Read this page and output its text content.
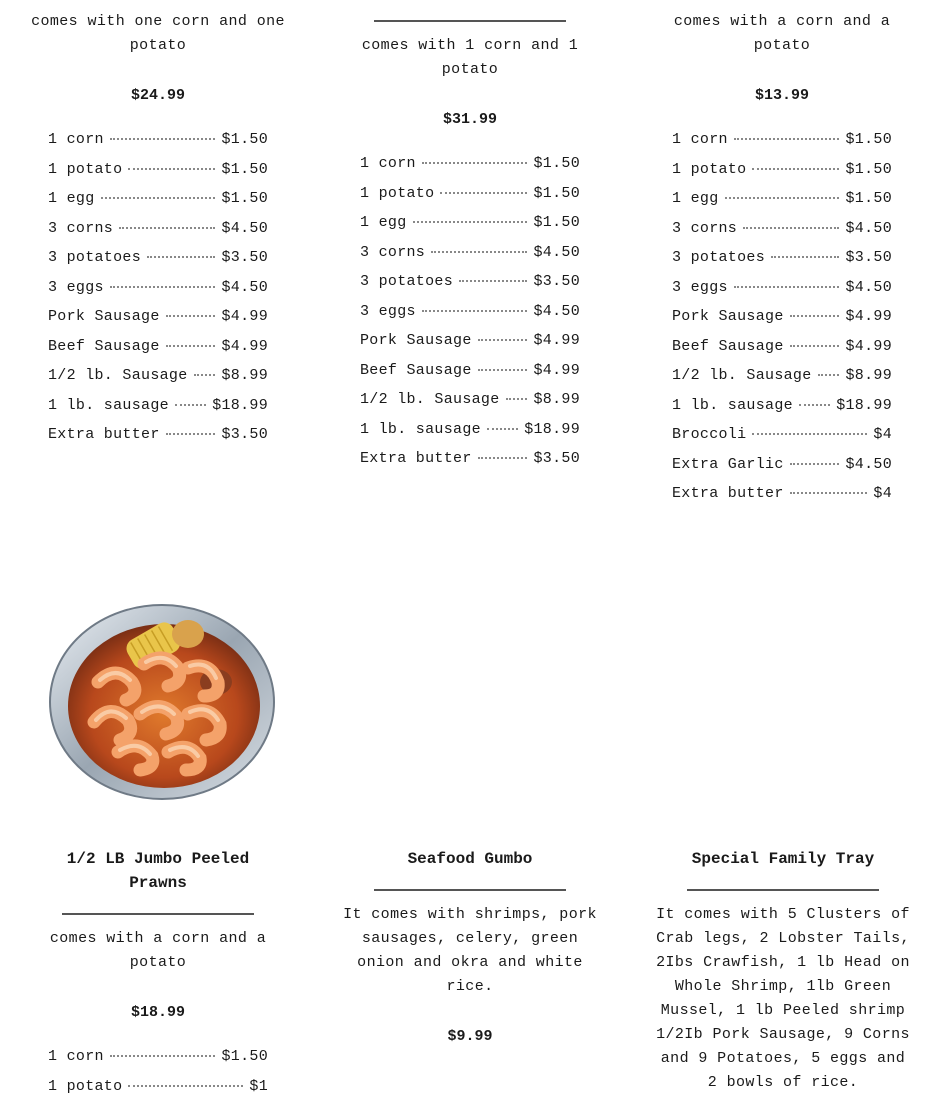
comes with one corn and one potato
$24.99
1 corn	$1.50
1 potato	$1.50
1 egg	$1.50
3 corns	$4.50
3 potatoes	$3.50
3 eggs	$4.50
Pork Sausage	$4.99
Beef Sausage	$4.99
1/2 lb. Sausage $8.99
1 lb. sausage	$18.99
Extra butter	$3.50
comes with 1 corn and 1 potato
$31.99
1 corn	$1.50
1 potato	$1.50
1 egg	$1.50
3 corns	$4.50
3 potatoes	$3.50
3 eggs	$4.50
Pork Sausage	$4.99
Beef Sausage	$4.99
1/2 lb. Sausage $8.99
1 lb. sausage	$18.99
Extra butter	$3.50
comes with a corn and a potato
$13.99
1 corn	$1.50
1 potato	$1.50
1 egg	$1.50
3 corns	$4.50
3 potatoes	$3.50
3 eggs	$4.50
Pork Sausage	$4.99
Beef Sausage	$4.99
1/2 lb. Sausage $8.99
1 lb. sausage	$18.99
Broccoli	$4
Extra Garlic	$4.50
Extra butter	$4
1/2 LB Jumbo Peeled Prawns
comes with a corn and a potato
$18.99
1 corn	$1.50
1 potato	$1
Seafood Gumbo
It comes with shrimps, pork sausages, celery, green onion and okra and white rice.
$9.99
Special Family Tray
It comes with 5 Clusters of Crab legs, 2 Lobster Tails, 2Ibs Crawfish, 1 lb Head on Whole Shrimp, 1lb Green Mussel, 1 lb Peeled shrimp 1/2Ib Pork Sausage, 9 Corns and 9 Potatoes, 5 eggs and 2 bowls of rice.
